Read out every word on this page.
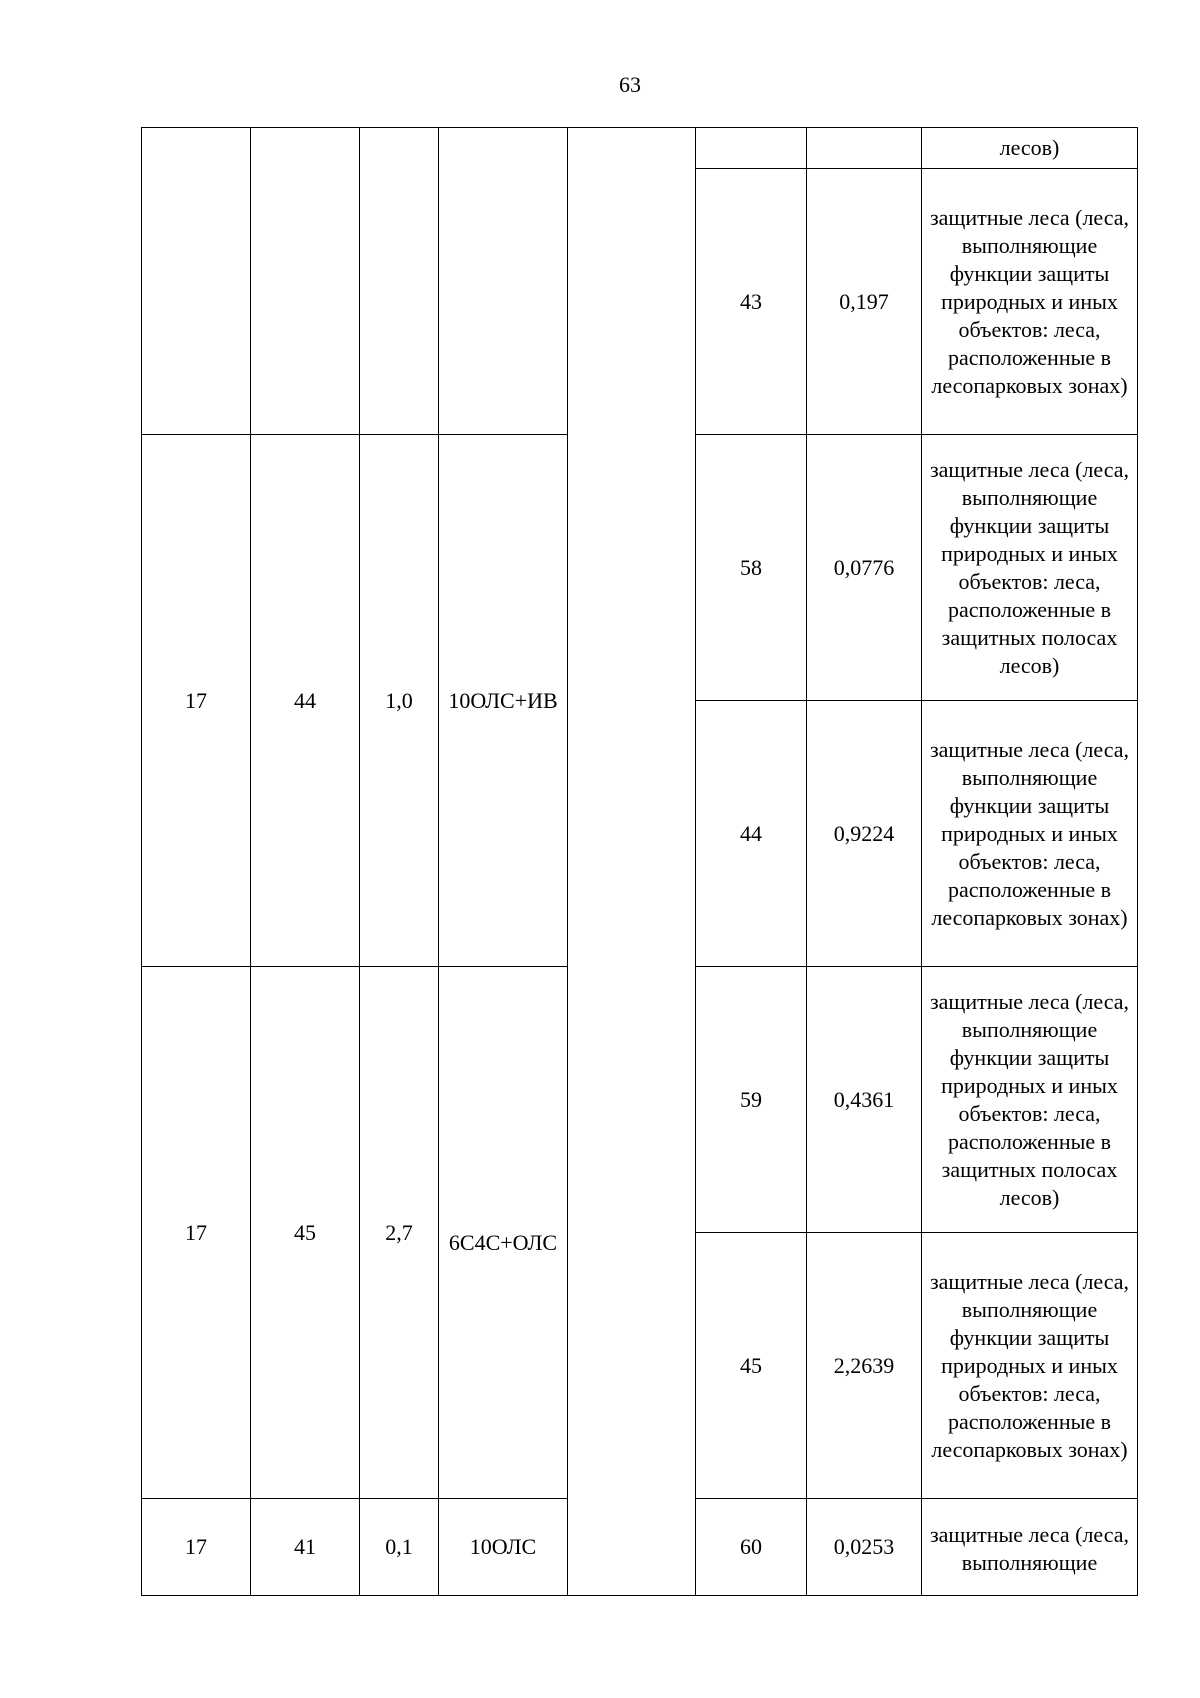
63
							лесов)
					43	0,197	защитные леса (леса, выполняющие функции защиты природных и иных объектов: леса, расположенные в лесопарковых зонах)
17	44	1,0	10ОЛС+ИВ		58	0,0776	защитные леса (леса, выполняющие функции защиты природных и иных объектов: леса, расположенные в защитных полосах лесов)
					44	0,9224	защитные леса (леса, выполняющие функции защиты природных и иных объектов: леса, расположенные в лесопарковых зонах)
17	45	2,7	6С4С+ОЛС		59	0,4361	защитные леса (леса, выполняющие функции защиты природных и иных объектов: леса, расположенные в защитных полосах лесов)
					45	2,2639	защитные леса (леса, выполняющие функции защиты природных и иных объектов: леса, расположенные в лесопарковых зонах)
17	41	0,1	10ОЛС		60	0,0253	защитные леса (леса, выполняющие
